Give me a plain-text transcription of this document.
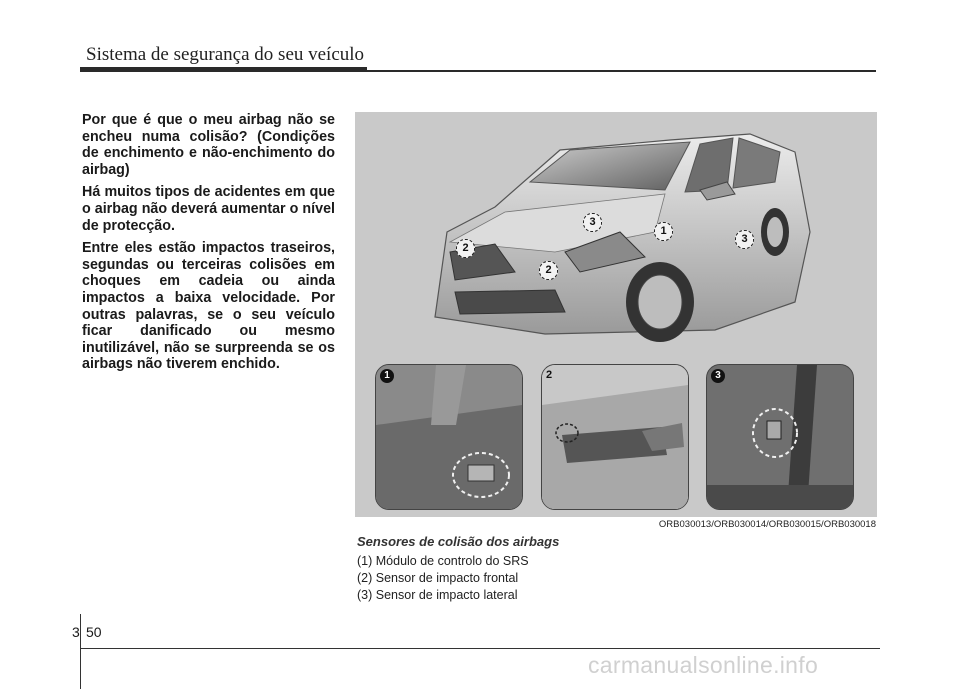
Sistema de segurança do seu veículo

Por que é que o meu airbag não se encheu numa colisão? (Condições de enchimento e não-enchimento do airbag)

Há muitos tipos de acidentes em que o airbag não deverá aumentar o nível de protecção.

Entre eles estão impactos traseiros, segundas ou terceiras colisões em choques em cadeia ou ainda impactos a baixa velocidade. Por outras palavras, se o seu veículo ficar danificado ou mesmo inutilizável, não se surpreenda se os airbags não tiverem enchido.

2
2
3
1
3
1	2	3
ORB030013/ORB030014/ORB030015/ORB030018
Sensores de colisão dos airbags
(1) Módulo de controlo do SRS
(2) Sensor de impacto frontal
(3) Sensor de impacto lateral
3 50
carmanualsonline.info
